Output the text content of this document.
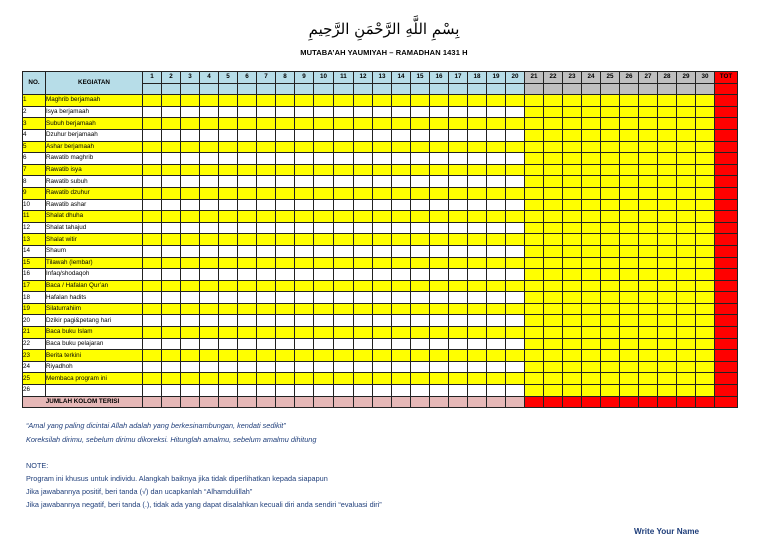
بِسْمِ اللَّهِ الرَّحْمَنِ الرَّحِيمِ
MUTABA’AH YAUMIYAH – RAMADHAN 1431 H
NO.	KEGIATAN	1	2	3	4	5	6	7	8	9	10	11	12	13	14	15	16	17	18	19	20	21	22	23	24	25	26	27	28	29	30	TOT

1	Maghrib berjamaah																															
2	Isya berjamaah																															
3	Subuh berjamaah																															
4	Dzuhur berjamaah																															
5	Ashar berjamaah																															
6	Rawatib maghrib																															
7	Rawatib isya																															
8	Rawatib subuh																															
9	Rawatib dzuhur																															
10	Rawatib ashar																															
11	Shalat dhuha																															
12	Shalat tahajud																															
13	Shalat witir																															
14	Shaum																															
15	Tilawah (lembar)																															
16	Infaq/shodaqoh																															
17	Baca / Hafalan Qur’an																															
18	Hafalan hadits																															
19	Silaturrahiim																															
20	Dzikir pagi&petang hari																															
21	Baca buku Islam																															
22	Baca buku pelajaran																															
23	Berita terkini																															
24	Riyadhoh																															
25	Membaca program ini																															
26																																
JUMLAH KOLOM TERISI																																
“Amal yang paling dicintai Allah adalah yang berkesinambungan, kendati sedikit”
Koreksilah dirimu, sebelum dirimu dikoreksi. Hitunglah amalmu, sebelum amalmu dihitung
NOTE:
Program ini khusus untuk individu. Alangkah baiknya jika tidak diperlihatkan kepada siapapun
Jika jawabannya positif, beri tanda (√) dan ucapkanlah “Alhamdulillah”
Jika jawabannya negatif, beri tanda (.), tidak ada yang dapat disalahkan kecuali diri anda sendiri “evaluasi diri”
Write Your Name
